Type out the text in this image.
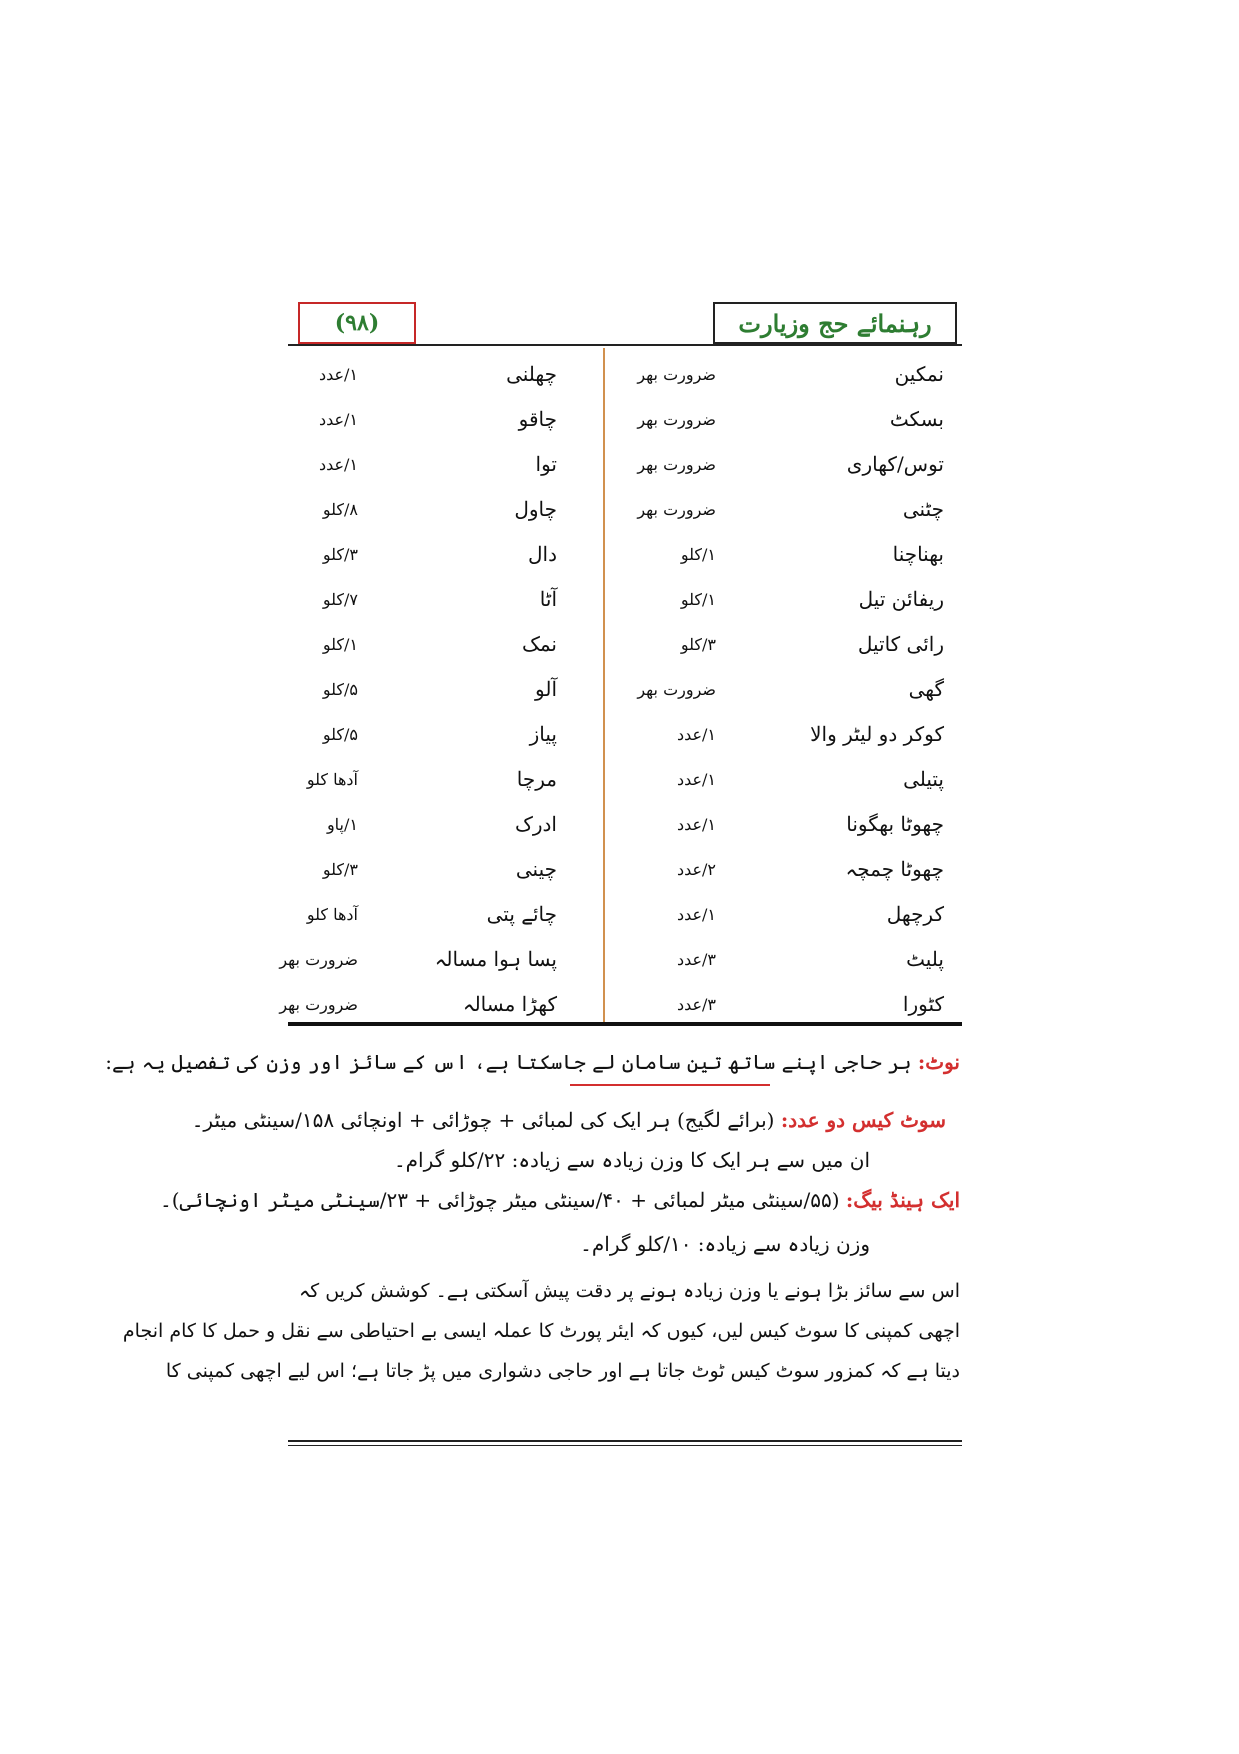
(٩٨)	رہنمائے حج وزیارت
نمکین
ضرورت بھر
چھلنی
۱/عدد
بسکٹ
ضرورت بھر
چاقو
۱/عدد
توس/کھاری
ضرورت بھر
توا
۱/عدد
چٹنی
ضرورت بھر
چاول
۸/کلو
بھناچنا
۱/کلو
دال
۳/کلو
ریفائن تیل
۱/کلو
آٹا
۷/کلو
رائی کاتیل
۳/کلو
نمک
۱/کلو
گھی
ضرورت بھر
آلو
۵/کلو
کوکر دو لیٹر والا
۱/عدد
پیاز
۵/کلو
پتیلی
۱/عدد
مرچا
آدھا کلو
چھوٹا بھگونا
۱/عدد
ادرک
۱/پاو
چھوٹا چمچہ
۲/عدد
چینی
۳/کلو
کرچھل
۱/عدد
چائے پتی
آدھا کلو
پلیٹ
۳/عدد
پسا ہوا مسالہ
ضرورت بھر
کٹورا
۳/عدد
کھڑا مسالہ
ضرورت بھر
نوٹ: ہر حاجی اپنے ساتھ تین سامان لے جاسکتا ہے، اس کے سائز اور وزن کی تفصیل یہ ہے:
سوٹ کیس دو عدد: (برائے لگیج) ہر ایک کی لمبائی + چوڑائی + اونچائی ۱۵۸/سینٹی میٹر۔
ان میں سے ہر ایک کا وزن زیادہ سے زیادہ: ۲۲/کلو گرام۔
ایک ہینڈ بیگ: (۵۵/سینٹی میٹر لمبائی + ۴۰/سینٹی میٹر چوڑائی + ۲۳/سینٹی میٹر اونچائی)۔
وزن زیادہ سے زیادہ: ۱۰/کلو گرام۔
اس سے سائز بڑا ہونے یا وزن زیادہ ہونے پر دقت پیش آسکتی ہے۔ کوشش کریں کہ
اچھی کمپنی کا سوٹ کیس لیں، کیوں کہ ایئر پورٹ کا عملہ ایسی بے احتیاطی سے نقل و حمل کا کام انجام
دیتا ہے کہ کمزور سوٹ کیس ٹوٹ جاتا ہے اور حاجی دشواری میں پڑ جاتا ہے؛ اس لیے اچھی کمپنی کا
